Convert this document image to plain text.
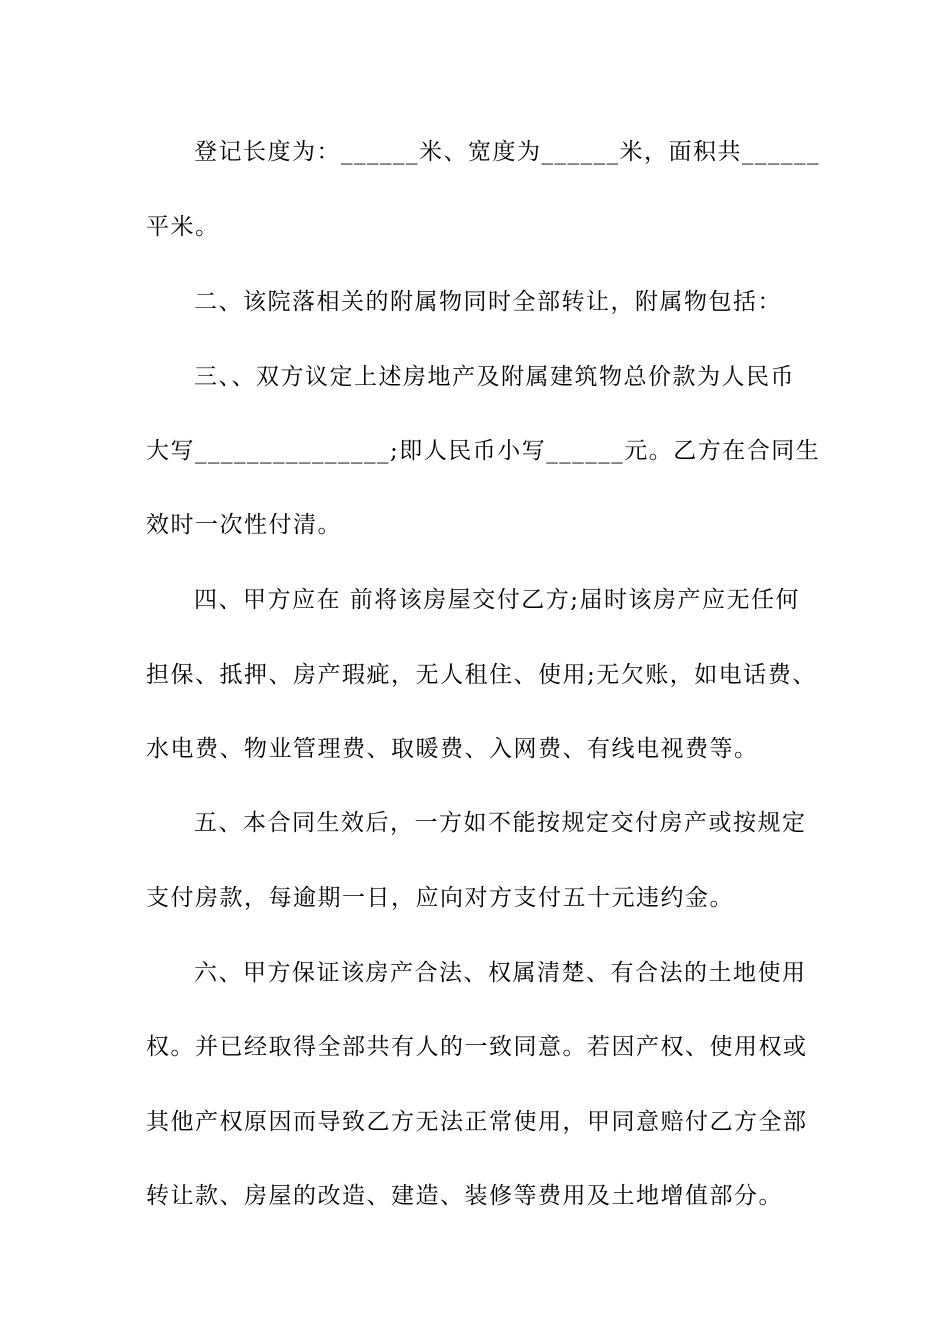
登记长度为：______米、宽度为______米，面积共______
平米。
二、该院落相关的附属物同时全部转让，附属物包括：
三、、双方议定上述房地产及附属建筑物总价款为人民币
大写_______________;即人民币小写______元。乙方在合同生
效时一次性付清。
四、甲方应在 前将该房屋交付乙方;届时该房产应无任何
担保、抵押、房产瑕疵，无人租住、使用;无欠账，如电话费、
水电费、物业管理费、取暖费、入网费、有线电视费等。
五、本合同生效后，一方如不能按规定交付房产或按规定
支付房款，每逾期一日，应向对方支付五十元违约金。
六、甲方保证该房产合法、权属清楚、有合法的土地使用
权。并已经取得全部共有人的一致同意。若因产权、使用权或
其他产权原因而导致乙方无法正常使用，甲同意赔付乙方全部
转让款、房屋的改造、建造、装修等费用及土地增值部分。
